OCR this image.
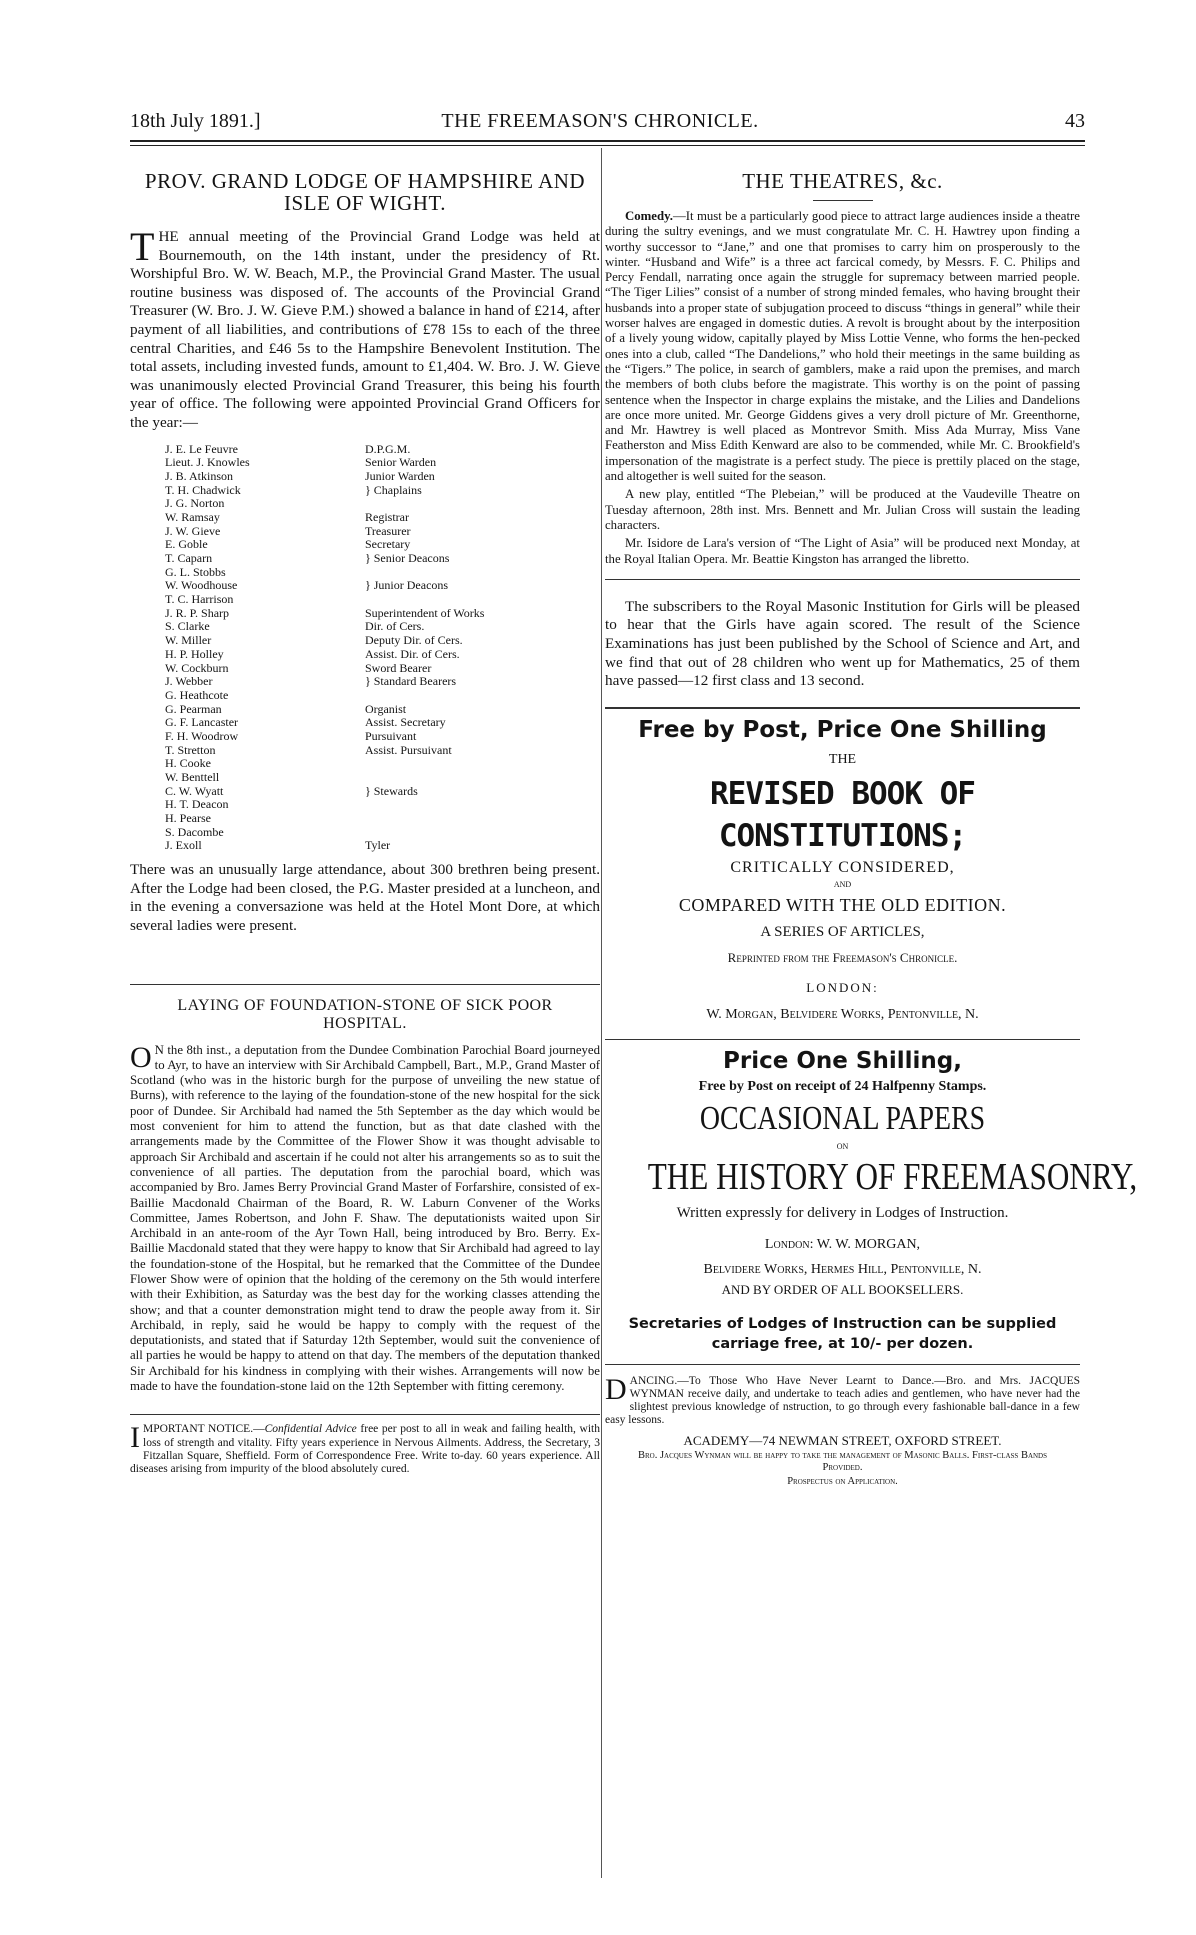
18th July 1891.]	THE FREEMASON'S CHRONICLE.	43
PROV. GRAND LODGE OF HAMPSHIRE AND ISLE OF WIGHT.

THE annual meeting of the Provincial Grand Lodge was held at Bournemouth, on the 14th instant, under the presidency of Rt. Worshipful Bro. W. W. Beach, M.P., the Provincial Grand Master. The usual routine business was disposed of. The accounts of the Provincial Grand Treasurer (W. Bro. J. W. Gieve P.M.) showed a balance in hand of £214, after payment of all liabilities, and contributions of £78 15s to each of the three central Charities, and £46 5s to the Hampshire Benevolent Institution. The total assets, including invested funds, amount to £1,404. W. Bro. J. W. Gieve was unanimously elected Provincial Grand Treasurer, this being his fourth year of office. The following were appointed Provincial Grand Officers for the year:—

J. E. Le Feuvre	D.P.G.M.
Lieut. J. Knowles	Senior Warden
J. B. Atkinson	Junior Warden
T. H. Chadwick	} Chaplains
J. G. Norton
W. Ramsay	Registrar
J. W. Gieve	Treasurer
E. Goble	Secretary
T. Caparn	} Senior Deacons
G. L. Stobbs
W. Woodhouse	} Junior Deacons
T. C. Harrison
J. R. P. Sharp	Superintendent of Works
S. Clarke	Dir. of Cers.
W. Miller	Deputy Dir. of Cers.
H. P. Holley	Assist. Dir. of Cers.
W. Cockburn	Sword Bearer
J. Webber	} Standard Bearers
G. Heathcote
G. Pearman	Organist
G. F. Lancaster	Assist. Secretary
F. H. Woodrow	Pursuivant
T. Stretton	Assist. Pursuivant
H. Cooke
W. Benttell
C. W. Wyatt	} Stewards
H. T. Deacon
H. Pearse
S. Dacombe
J. Exoll	Tyler

There was an unusually large attendance, about 300 brethren being present. After the Lodge had been closed, the P.G. Master presided at a luncheon, and in the evening a conversazione was held at the Hotel Mont Dore, at which several ladies were present.

LAYING OF FOUNDATION-STONE OF SICK POOR HOSPITAL.

O N the 8th inst., a deputation from the Dundee Combination Parochial Board journeyed to Ayr, to have an interview with Sir Archibald Campbell, Bart., M.P., Grand Master of Scotland (who was in the historic burgh for the purpose of unveiling the new statue of Burns), with reference to the laying of the foundation-stone of the new hospital for the sick poor of Dundee. Sir Archibald had named the 5th September as the day which would be most convenient for him to attend the function, but as that date clashed with the arrangements made by the Committee of the Flower Show it was thought advisable to approach Sir Archibald and ascertain if he could not alter his arrangements so as to suit the convenience of all parties. The deputation from the parochial board, which was accompanied by Bro. James Berry Provincial Grand Master of Forfarshire, consisted of ex-Baillie Macdonald Chairman of the Board, R. W. Laburn Convener of the Works Committee, James Robertson, and John F. Shaw. The deputationists waited upon Sir Archibald in an ante-room of the Ayr Town Hall, being introduced by Bro. Berry. Ex-Baillie Macdonald stated that they were happy to know that Sir Archibald had agreed to lay the foundation-stone of the Hospital, but he remarked that the Committee of the Dundee Flower Show were of opinion that the holding of the ceremony on the 5th would interfere with their Exhibition, as Saturday was the best day for the working classes attending the show; and that a counter demonstration might tend to draw the people away from it. Sir Archibald, in reply, said he would be happy to comply with the request of the deputationists, and stated that if Saturday 12th September, would suit the convenience of all parties he would be happy to attend on that day. The members of the deputation thanked Sir Archibald for his kindness in complying with their wishes. Arrangements will now be made to have the foundation-stone laid on the 12th September with fitting ceremony.

IMPORTANT NOTICE.—Confidential Advice free per post to all in weak and failing health, with loss of strength and vitality. Fifty years experience in Nervous Ailments. Address, the Secretary, 3 Fitzallan Square, Sheffield. Form of Correspondence Free. Write to-day. 60 years experience. All diseases arising from impurity of the blood absolutely cured.

THE THEATRES, &c.

Comedy.—It must be a particularly good piece to attract large audiences inside a theatre during the sultry evenings, and we must congratulate Mr. C. H. Hawtrey upon finding a worthy successor to “Jane,” and one that promises to carry him on prosperously to the winter. “Husband and Wife” is a three act farcical comedy, by Messrs. F. C. Philips and Percy Fendall, narrating once again the struggle for supremacy between married people. “The Tiger Lilies” consist of a number of strong minded females, who having brought their husbands into a proper state of subjugation proceed to discuss “things in general” while their worser halves are engaged in domestic duties. A revolt is brought about by the interposition of a lively young widow, capitally played by Miss Lottie Venne, who forms the hen-pecked ones into a club, called “The Dandelions,” who hold their meetings in the same building as the “Tigers.” The police, in search of gamblers, make a raid upon the premises, and march the members of both clubs before the magistrate. This worthy is on the point of passing sentence when the Inspector in charge explains the mistake, and the Lilies and Dandelions are once more united. Mr. George Giddens gives a very droll picture of Mr. Greenthorne, and Mr. Hawtrey is well placed as Montrevor Smith. Miss Ada Murray, Miss Vane Featherston and Miss Edith Kenward are also to be commended, while Mr. C. Brookfield's impersonation of the magistrate is a perfect study. The piece is prettily placed on the stage, and altogether is well suited for the season.

A new play, entitled “The Plebeian,” will be produced at the Vaudeville Theatre on Tuesday afternoon, 28th inst. Mrs. Bennett and Mr. Julian Cross will sustain the leading characters.

Mr. Isidore de Lara's version of “The Light of Asia” will be produced next Monday, at the Royal Italian Opera. Mr. Beattie Kingston has arranged the libretto.

The subscribers to the Royal Masonic Institution for Girls will be pleased to hear that the Girls have again scored. The result of the Science Examinations has just been published by the School of Science and Art, and we find that out of 28 children who went up for Mathematics, 25 of them have passed—12 first class and 13 second.

Free by Post, Price One Shilling
THE
REVISED BOOK OF CONSTITUTIONS;
CRITICALLY CONSIDERED,
AND
COMPARED WITH THE OLD EDITION.
A SERIES OF ARTICLES,
Reprinted from the Freemason's Chronicle.
LONDON:
W. Morgan, Belvidere Works, Pentonville, N.
Price One Shilling,
Free by Post on receipt of 24 Halfpenny Stamps.
OCCASIONAL PAPERS
ON
THE HISTORY OF FREEMASONRY,
Written expressly for delivery in Lodges of Instruction.
London: W. W. MORGAN,
Belvidere Works, Hermes Hill, Pentonville, N.
AND BY ORDER OF ALL BOOKSELLERS.
Secretaries of Lodges of Instruction can be supplied carriage free, at 10/- per dozen.

DANCING.—To Those Who Have Never Learnt to Dance.—Bro. and Mrs. JACQUES WYNMAN receive daily, and undertake to teach adies and gentlemen, who have never had the slightest previous knowledge of nstruction, to go through every fashionable ball-dance in a few easy lessons.

ACADEMY—74 NEWMAN STREET, OXFORD STREET.
Bro. Jacques Wynman will be happy to take the management of Masonic Balls. First-class Bands Provided.
Prospectus on Application.
